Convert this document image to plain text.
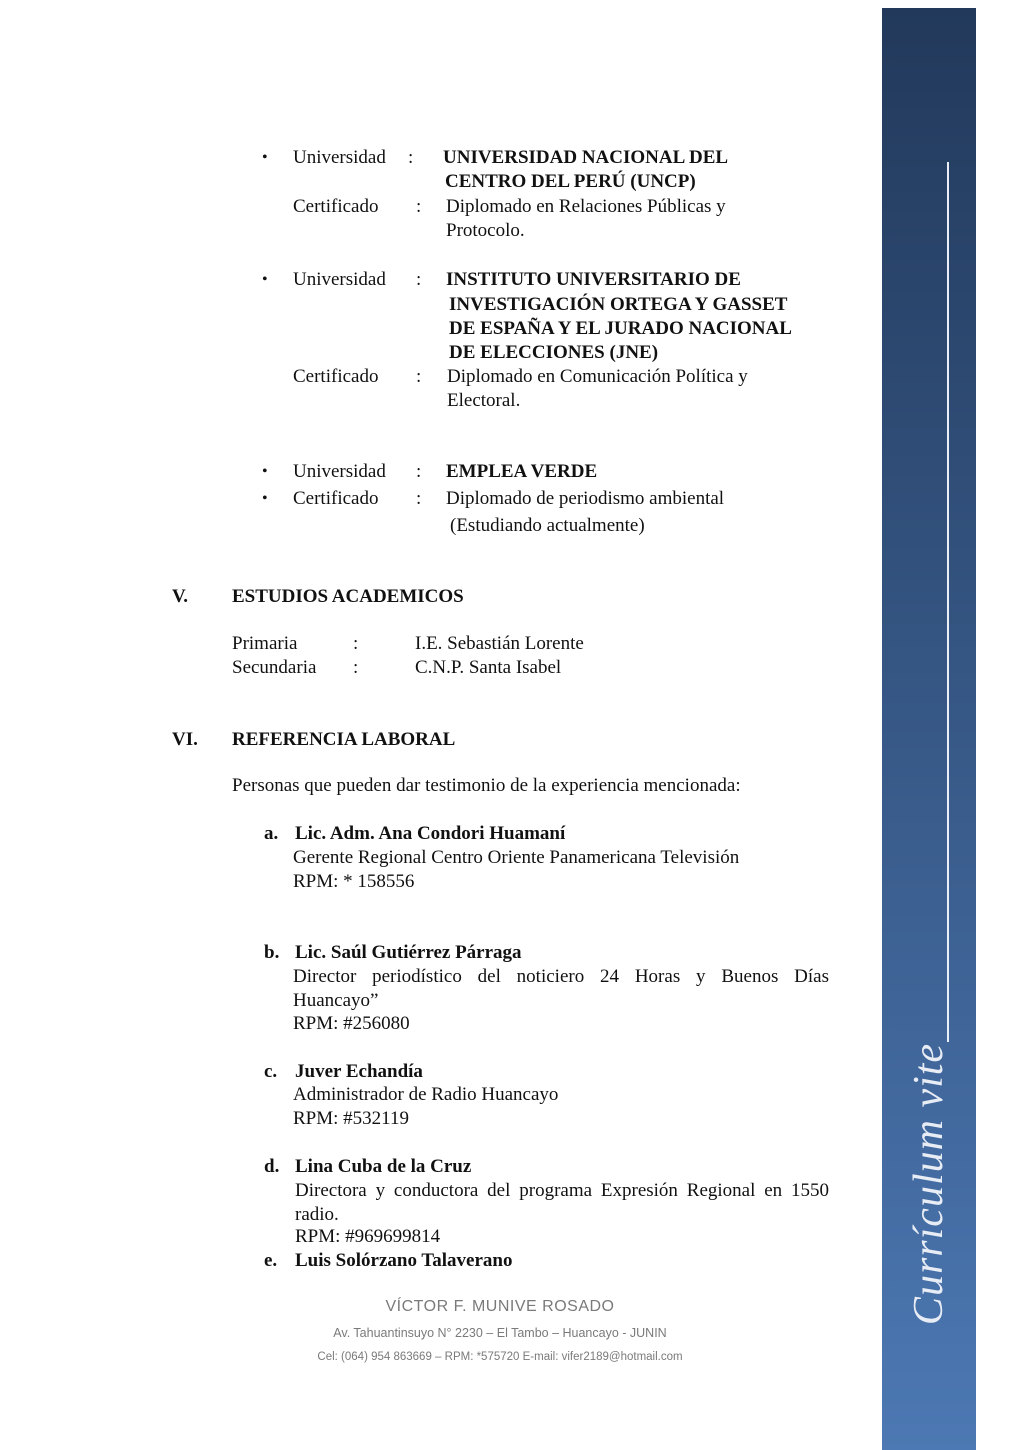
• Universidad : UNIVERSIDAD NACIONAL DEL
CENTRO DEL PERÚ (UNCP)
Certificado : Diplomado en Relaciones Públicas y
Protocolo.
• Universidad : INSTITUTO UNIVERSITARIO DE
INVESTIGACIÓN ORTEGA Y GASSET
DE ESPAÑA Y EL JURADO NACIONAL
DE ELECCIONES (JNE)
Certificado : Diplomado en Comunicación Política y
Electoral.
• Universidad : EMPLEA VERDE
• Certificado : Diplomado de periodismo ambiental
(Estudiando actualmente)
V. ESTUDIOS ACADEMICOS
Primaria	:	I.E. Sebastián Lorente
Secundaria :	C.N.P. Santa Isabel
VI. REFERENCIA LABORAL
Personas que pueden dar testimonio de la experiencia mencionada:
a. Lic. Adm. Ana Condori Huamaní
Gerente Regional Centro Oriente Panamericana Televisión
RPM: * 158556
b. Lic. Saúl Gutiérrez Párraga
Director periodístico del noticiero 24 Horas y Buenos Días Huancayo”
RPM: #256080
c. Juver Echandía
Administrador de Radio Huancayo
RPM: #532119
d. Lina Cuba de la Cruz
Directora y conductora del programa Expresión Regional en 1550 radio.
RPM: #969699814
e. Luis Solórzano Talaverano
VÍCTOR F. MUNIVE ROSADO
Av. Tahuantinsuyo N° 2230 – El Tambo – Huancayo - JUNIN
Cel: (064) 954 863669 – RPM: *575720 E-mail: vifer2189@hotmail.com
Currículum vite
